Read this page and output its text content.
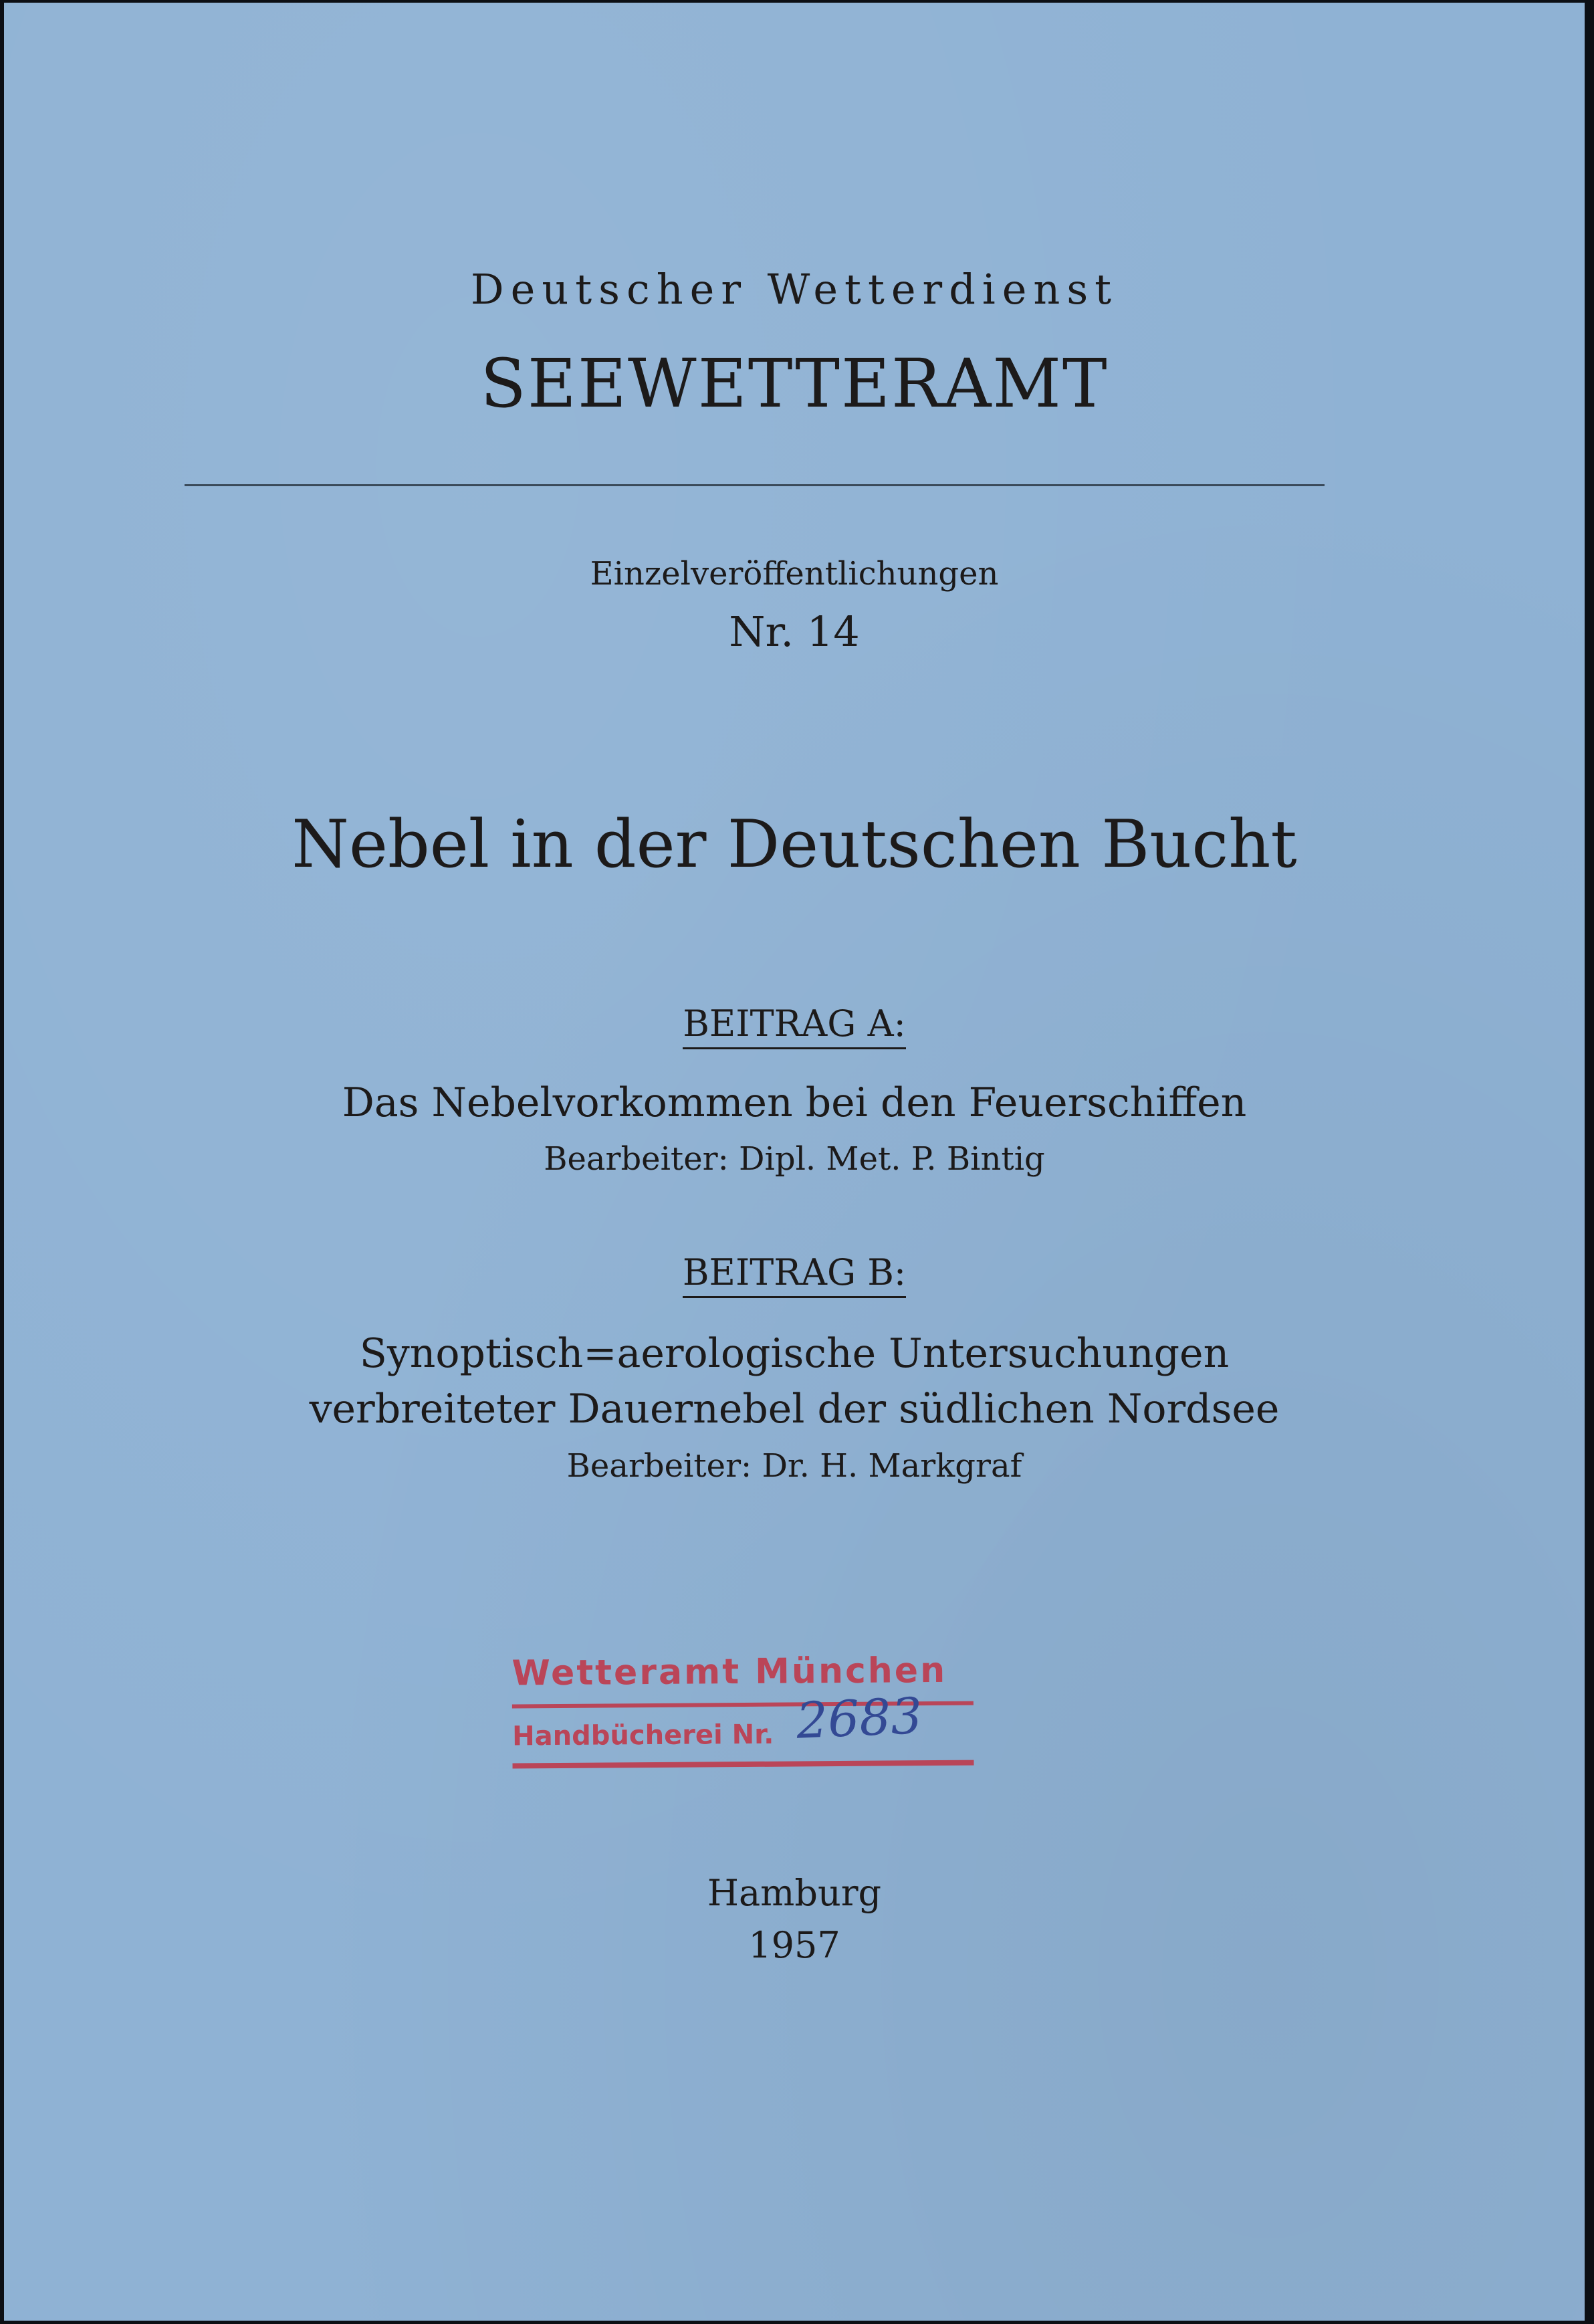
Deutscher Wetterdienst
SEEWETTERAMT
Einzelveröffentlichungen
Nr. 14
Nebel in der Deutschen Bucht
BEITRAG A:
Das Nebelvorkommen bei den Feuerschiffen
Bearbeiter: Dipl. Met. P. Bintig
BEITRAG B:
Synoptisch=aerologische Untersuchungen
verbreiteter Dauernebel der südlichen Nordsee
Bearbeiter: Dr. H. Markgraf
Wetteramt München
Handbücherei Nr. 2683
Hamburg
1957
